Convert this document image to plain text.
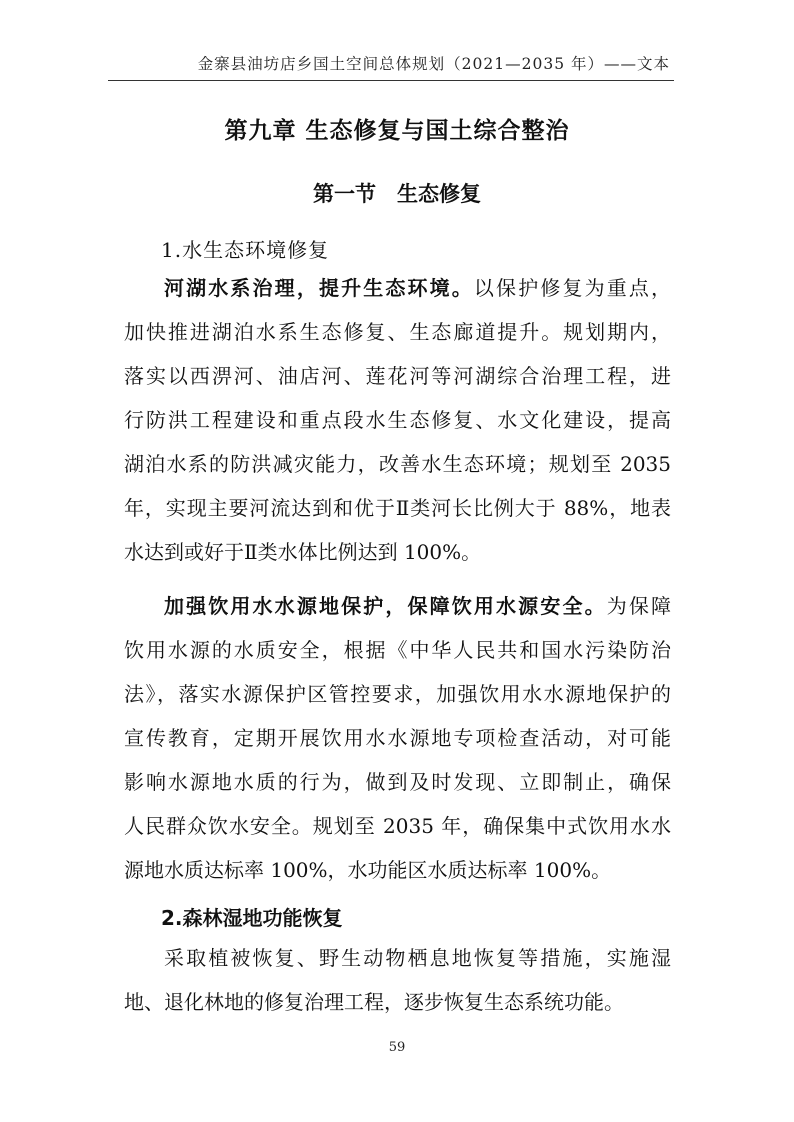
金寨县油坊店乡国土空间总体规划（2021—2035 年）——文本
第九章 生态修复与国土综合整治
第一节　生态修复
1.水生态环境修复
河湖水系治理，提升生态环境。以保护修复为重点，
加快推进湖泊水系生态修复、生态廊道提升。规划期内，
落实以西淠河、油店河、莲花河等河湖综合治理工程，进
行防洪工程建设和重点段水生态修复、水文化建设，提高
湖泊水系的防洪减灾能力，改善水生态环境；规划至 2035
年，实现主要河流达到和优于Ⅱ类河长比例大于 88%，地表
水达到或好于Ⅱ类水体比例达到 100%。
加强饮用水水源地保护，保障饮用水源安全。为保障
饮用水源的水质安全，根据《中华人民共和国水污染防治
法》，落实水源保护区管控要求，加强饮用水水源地保护的
宣传教育，定期开展饮用水水源地专项检查活动，对可能
影响水源地水质的行为，做到及时发现、立即制止，确保
人民群众饮水安全。规划至 2035 年，确保集中式饮用水水
源地水质达标率 100%，水功能区水质达标率 100%。
2.森林湿地功能恢复
采取植被恢复、野生动物栖息地恢复等措施，实施湿
地、退化林地的修复治理工程，逐步恢复生态系统功能。
59
